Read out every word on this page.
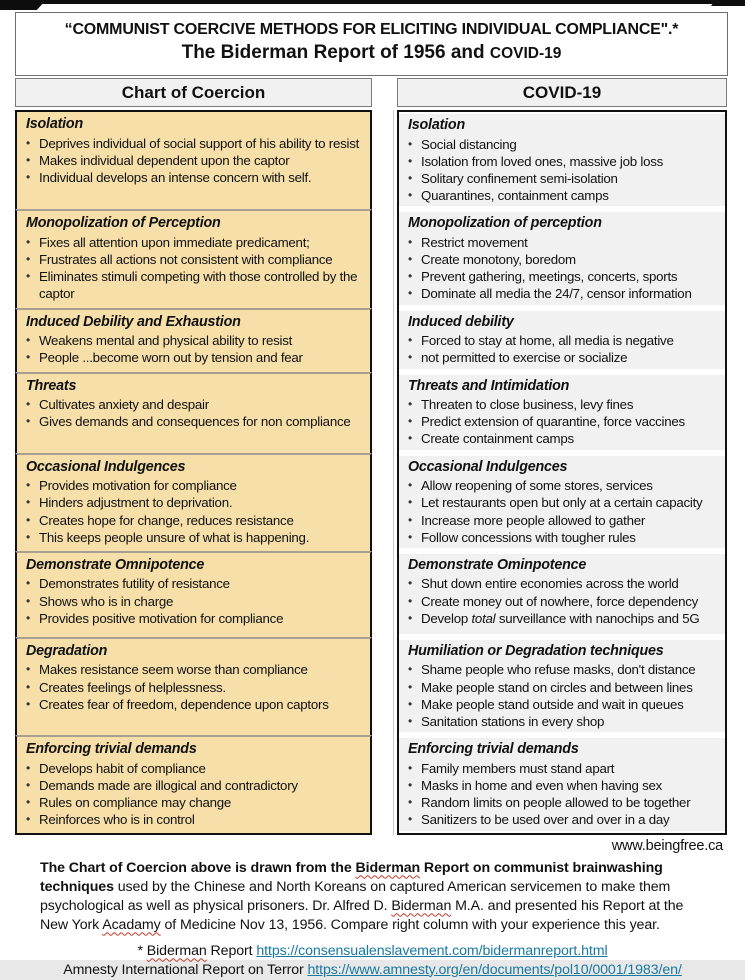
“COMMUNIST COERCIVE METHODS FOR ELICITING INDIVIDUAL COMPLIANCE".*
The Biderman Report of 1956 and COVID-19
Chart of Coercion	COVID-19
Isolation
• Deprives individual of social support of his ability to resist
• Makes individual dependent upon the captor
• Individual develops an intense concern with self.
Isolation
• Social distancing
• Isolation from loved ones, massive job loss
• Solitary confinement semi-isolation
• Quarantines, containment camps
Monopolization of Perception
• Fixes all attention upon immediate predicament;
• Frustrates all actions not consistent with compliance
• Eliminates stimuli competing with those controlled by the captor
Monopolization of perception
• Restrict movement
• Create monotony, boredom
• Prevent gathering, meetings, concerts, sports
• Dominate all media the 24/7, censor information
Induced Debility and Exhaustion
• Weakens mental and physical ability to resist
• People ...become worn out by tension and fear
Induced debility
• Forced to stay at home, all media is negative
• not permitted to exercise or socialize
Threats
• Cultivates anxiety and despair
• Gives demands and consequences for non compliance
Threats and Intimidation
• Threaten to close business, levy fines
• Predict extension of quarantine, force vaccines
• Create containment camps
Occasional Indulgences
• Provides motivation for compliance
• Hinders adjustment to deprivation.
• Creates hope for change, reduces resistance
• This keeps people unsure of what is happening.
Occasional Indulgences
• Allow reopening of some stores, services
• Let restaurants open but only at a certain capacity
• Increase more people allowed to gather
• Follow concessions with tougher rules
Demonstrate Omnipotence
• Demonstrates futility of resistance
• Shows who is in charge
• Provides positive motivation for compliance
Demonstrate Ominpotence
• Shut down entire economies across the world
• Create money out of nowhere, force dependency
• Develop total surveillance with nanochips and 5G
Degradation
• Makes resistance seem worse than compliance
• Creates feelings of helplessness.
• Creates fear of freedom, dependence upon captors
Humiliation or Degradation techniques
• Shame people who refuse masks, don't distance
• Make people stand on circles and between lines
• Make people stand outside and wait in queues
• Sanitation stations in every shop
Enforcing trivial demands
• Develops habit of compliance
• Demands made are illogical and contradictory
• Rules on compliance may change
• Reinforces who is in control
Enforcing trivial demands
• Family members must stand apart
• Masks in home and even when having sex
• Random limits on people allowed to be together
• Sanitizers to be used over and over in a day
www.beingfree.ca
The Chart of Coercion above is drawn from the Biderman Report on communist brainwashing techniques used by the Chinese and North Koreans on captured American servicemen to make them psychological as well as physical prisoners. Dr. Alfred D. Biderman M.A. and presented his Report at the New York Acadamy of Medicine Nov 13, 1956. Compare right column with your experience this year.
* Biderman Report https://consensualenslavement.com/bidermanreport.html
Amnesty International Report on Terror https://www.amnesty.org/en/documents/pol10/0001/1983/en/
